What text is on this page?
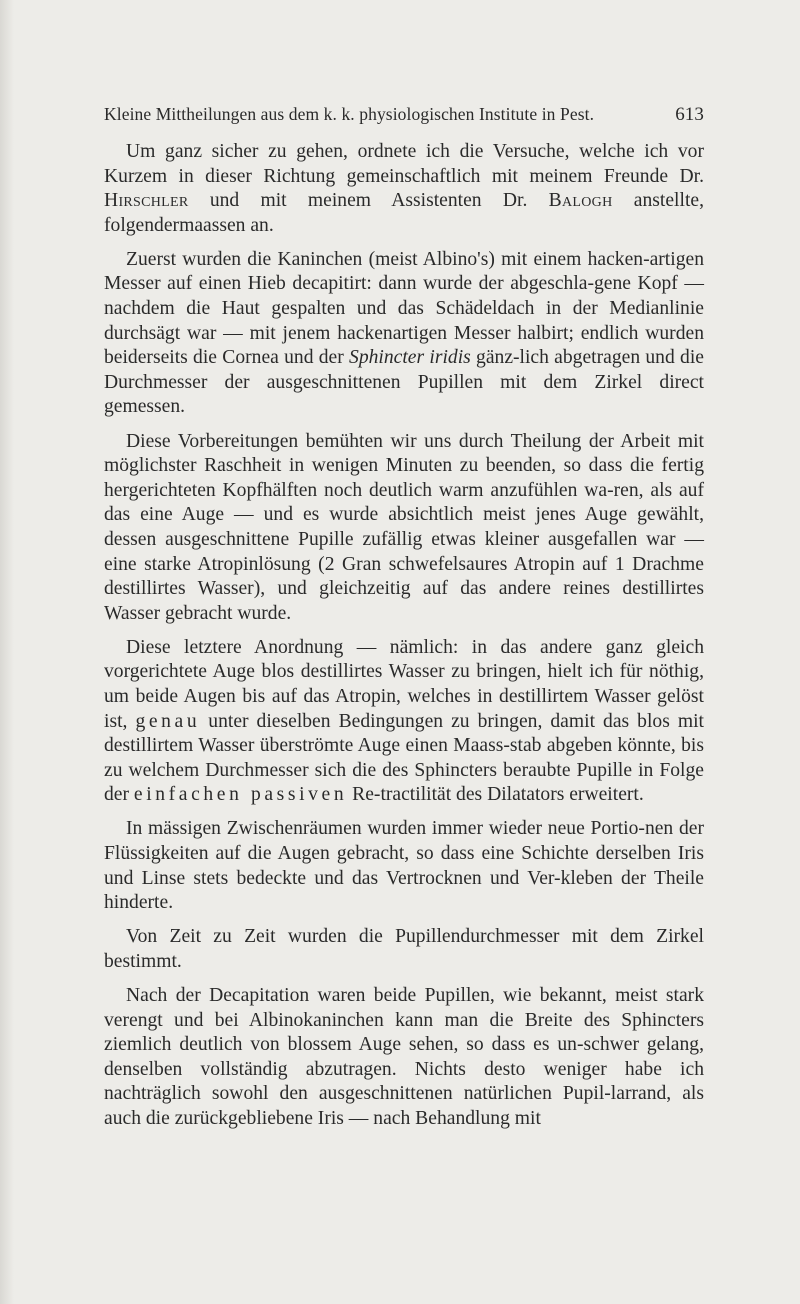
Kleine Mittheilungen aus dem k. k. physiologischen Institute in Pest.	613

Um ganz sicher zu gehen, ordnete ich die Versuche, welche ich vor Kurzem in dieser Richtung gemeinschaftlich mit meinem Freunde Dr. Hirschler und mit meinem Assistenten Dr. Balogh anstellte, folgendermaassen an.

Zuerst wurden die Kaninchen (meist Albino's) mit einem hacken-artigen Messer auf einen Hieb decapitirt: dann wurde der abgeschla-gene Kopf — nachdem die Haut gespalten und das Schädeldach in der Medianlinie durchsägt war — mit jenem hackenartigen Messer halbirt; endlich wurden beiderseits die Cornea und der Sphincter iridis gänz-lich abgetragen und die Durchmesser der ausgeschnittenen Pupillen mit dem Zirkel direct gemessen.

Diese Vorbereitungen bemühten wir uns durch Theilung der Arbeit mit möglichster Raschheit in wenigen Minuten zu beenden, so dass die fertig hergerichteten Kopfhälften noch deutlich warm anzufühlen wa-ren, als auf das eine Auge — und es wurde absichtlich meist jenes Auge gewählt, dessen ausgeschnittene Pupille zufällig etwas kleiner ausgefallen war — eine starke Atropinlösung (2 Gran schwefelsaures Atropin auf 1 Drachme destillirtes Wasser), und gleichzeitig auf das andere reines destillirtes Wasser gebracht wurde.

Diese letztere Anordnung — nämlich: in das andere ganz gleich vorgerichtete Auge blos destillirtes Wasser zu bringen, hielt ich für nöthig, um beide Augen bis auf das Atropin, welches in destillirtem Wasser gelöst ist, genau unter dieselben Bedingungen zu bringen, damit das blos mit destillirtem Wasser überströmte Auge einen Maass-stab abgeben könnte, bis zu welchem Durchmesser sich die des Sphincters beraubte Pupille in Folge der einfachen passiven Re-tractilität des Dilatators erweitert.

In mässigen Zwischenräumen wurden immer wieder neue Portio-nen der Flüssigkeiten auf die Augen gebracht, so dass eine Schichte derselben Iris und Linse stets bedeckte und das Vertrocknen und Ver-kleben der Theile hinderte.

Von Zeit zu Zeit wurden die Pupillendurchmesser mit dem Zirkel bestimmt.

Nach der Decapitation waren beide Pupillen, wie bekannt, meist stark verengt und bei Albinokaninchen kann man die Breite des Sphincters ziemlich deutlich von blossem Auge sehen, so dass es un-schwer gelang, denselben vollständig abzutragen. Nichts desto weniger habe ich nachträglich sowohl den ausgeschnittenen natürlichen Pupil-larrand, als auch die zurückgebliebene Iris — nach Behandlung mit
